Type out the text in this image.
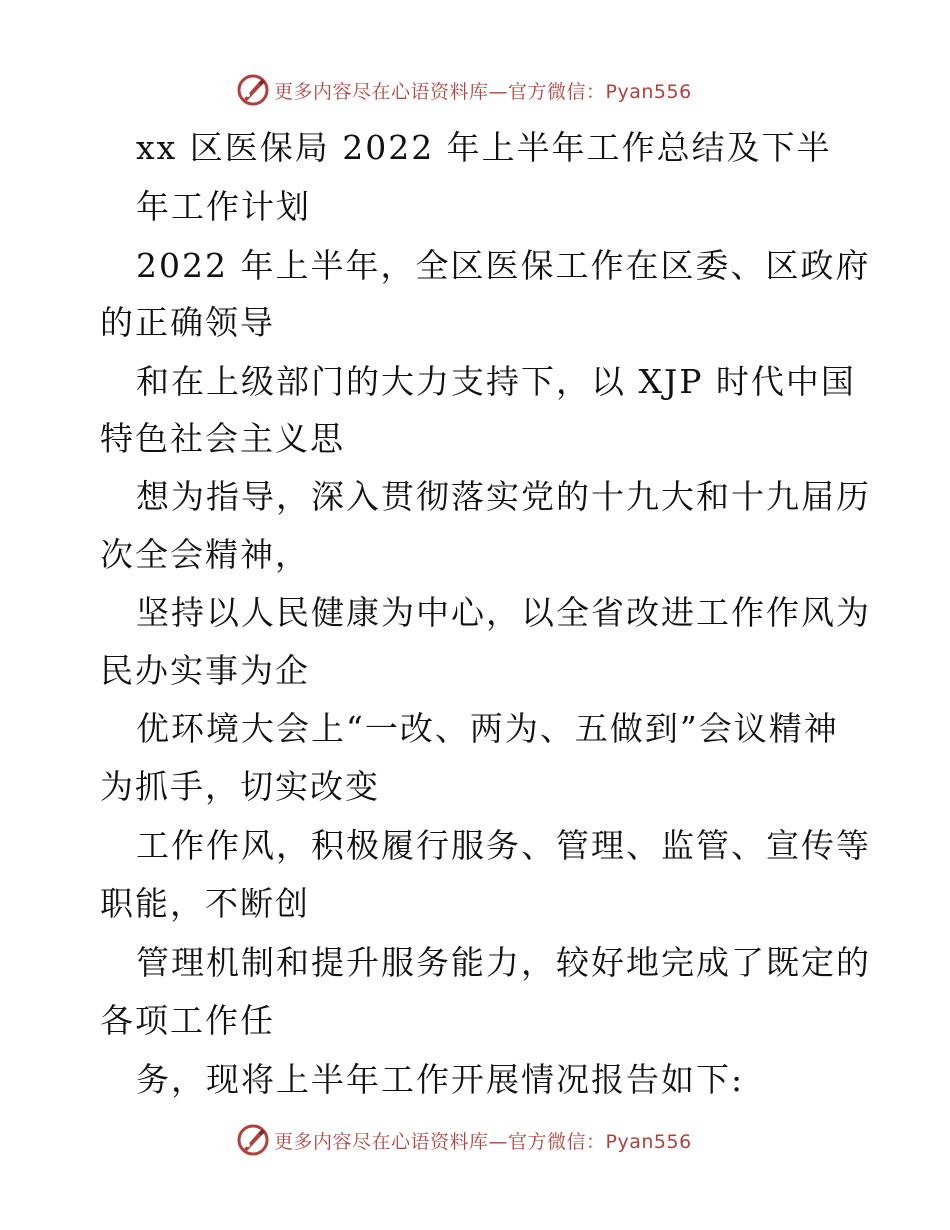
更多内容尽在心语资料库—官方微信：Pyan556
xx 区医保局 2022 年上半年工作总结及下半
年工作计划
2022 年上半年，全区医保工作在区委、区政府
的正确领导
和在上级部门的大力支持下，以 XJP 时代中国
特色社会主义思
想为指导，深入贯彻落实党的十九大和十九届历
次全会精神，
坚持以人民健康为中心，以全省改进工作作风为
民办实事为企
优环境大会上“一改、两为、五做到”会议精神
为抓手，切实改变
工作作风，积极履行服务、管理、监管、宣传等
职能，不断创
管理机制和提升服务能力，较好地完成了既定的
各项工作任
务，现将上半年工作开展情况报告如下:
更多内容尽在心语资料库—官方微信：Pyan556
